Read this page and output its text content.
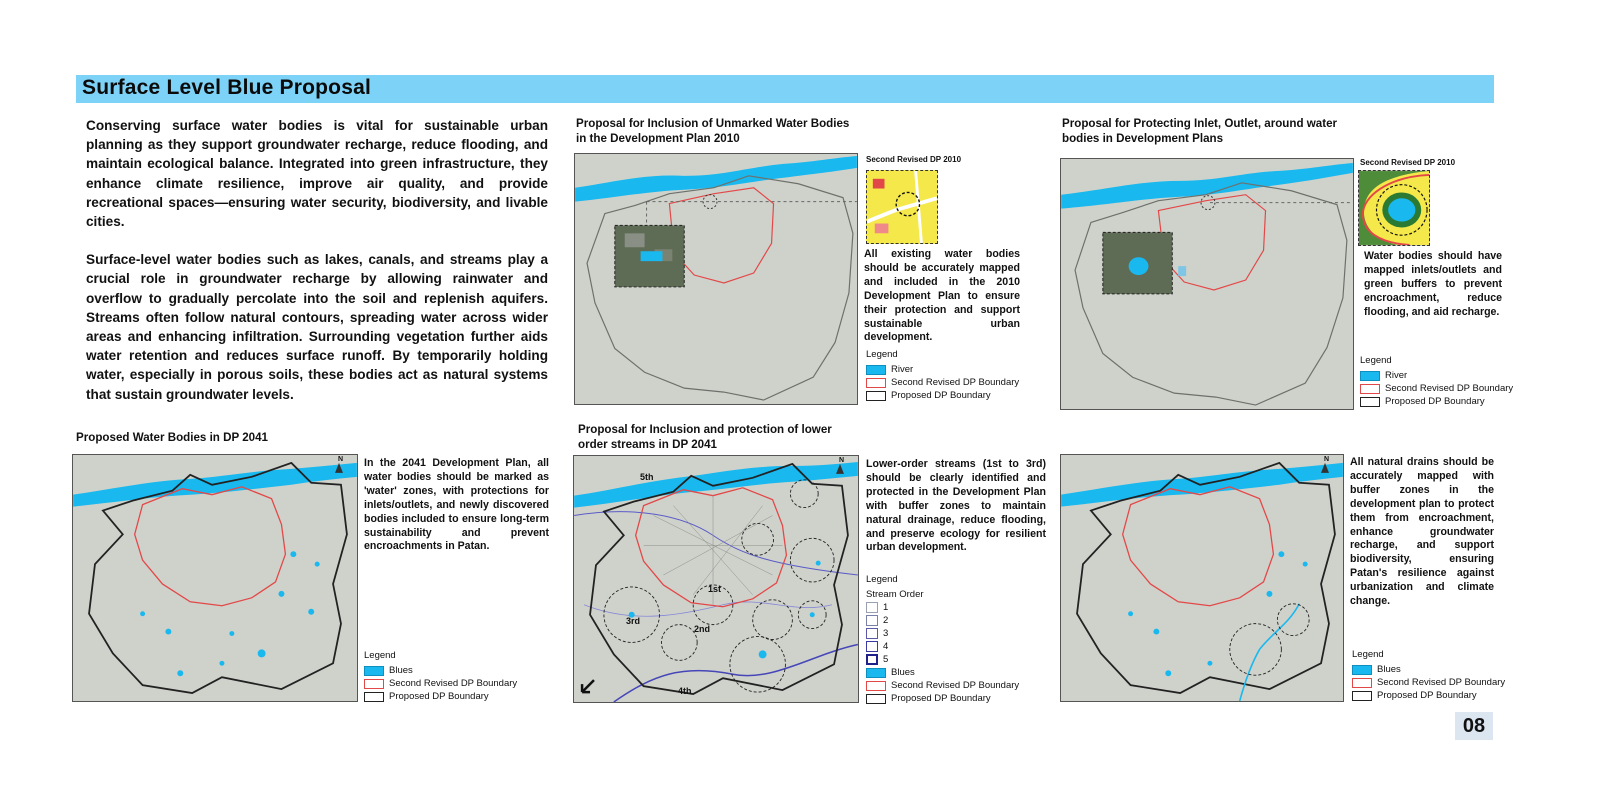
Surface Level Blue Proposal

Conserving surface water bodies is vital for sustainable urban planning as they support groundwater recharge, reduce flooding, and maintain ecological balance. Integrated into green infrastructure, they enhance climate resilience, improve air quality, and provide recreational spaces—ensuring water security, biodiversity, and livable cities.

Surface-level water bodies such as lakes, canals, and streams play a crucial role in groundwater recharge by allowing rainwater and overflow to gradually percolate into the soil and replenish aquifers. Streams often follow natural contours, spreading water across wider areas and enhancing infiltration. Surrounding vegetation further aids water retention and reduces surface runoff. By temporarily holding water, especially in porous soils, these bodies act as natural systems that sustain groundwater levels.

Proposal for Inclusion of Unmarked Water Bodies in the Development Plan 2010
Second Revised DP 2010
All existing water bodies should be accurately mapped and included in the 2010 Development Plan to ensure their protection and support sustainable urban development.
Legend
River
Second Revised DP Boundary
Proposed DP Boundary
Proposal for Protecting Inlet, Outlet, around water bodies in Development Plans
Second Revised DP 2010
Water bodies should have mapped inlets/outlets and green buffers to prevent encroachment, reduce flooding, and aid recharge.
Legend
River
Second Revised DP Boundary
Proposed DP Boundary
Proposed Water Bodies in DP 2041
In the 2041 Development Plan, all water bodies should be marked as 'water' zones, with protections for inlets/outlets, and newly discovered bodies included to ensure long-term sustainability and prevent encroachments in Patan.
Legend
Blues
Second Revised DP Boundary
Proposed DP Boundary
Proposal for Inclusion and protection of lower order streams in DP 2041
5th
1st
2nd
3rd
4th
Lower-order streams (1st to 3rd) should be clearly identified and protected in the Development Plan with buffer zones to maintain natural drainage, reduce flooding, and preserve ecology for resilient urban development.
Legend
Stream Order
1
2
3
4
5
Blues
Second Revised DP Boundary
Proposed DP Boundary
All natural drains should be accurately mapped with buffer zones in the development plan to protect them from encroachment, enhance groundwater recharge, and support biodiversity, ensuring Patan's resilience against urbanization and climate change.
Legend
Blues
Second Revised DP Boundary
Proposed DP Boundary
N	N	N
08
